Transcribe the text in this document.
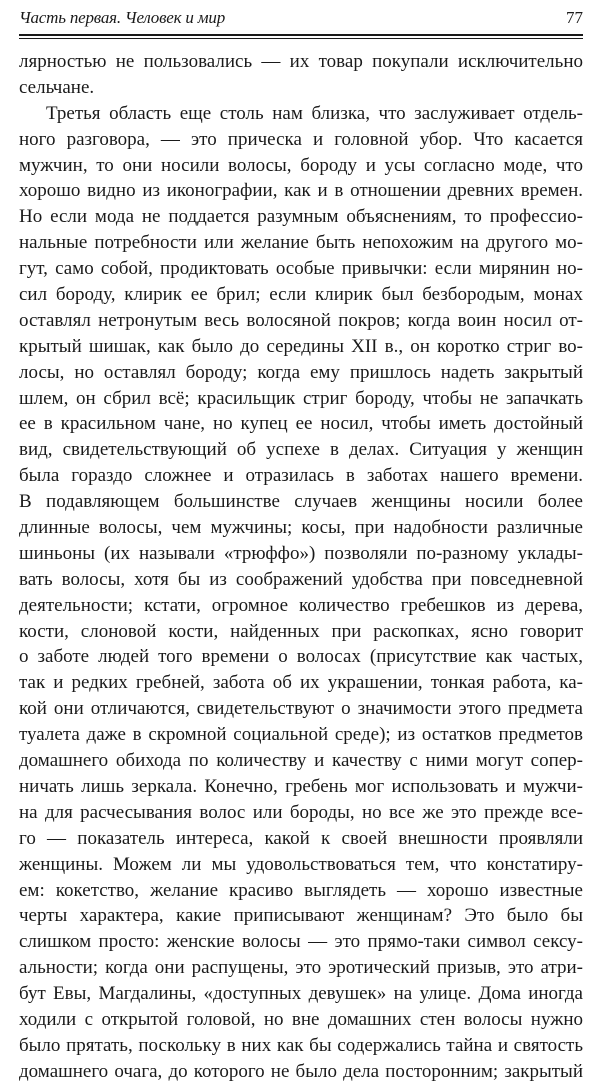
Часть первая. Человек и мир	77

лярностью не пользовались — их товар покупали исключительно
сельчане.

Третья область еще столь нам близка, что заслуживает отдель-
ного разговора, — это прическа и головной убор. Что касается
мужчин, то они носили волосы, бороду и усы согласно моде, что
хорошо видно из иконографии, как и в отношении древних времен.
Но если мода не поддается разумным объяснениям, то профессио-
нальные потребности или желание быть непохожим на другого мо-
гут, само собой, продиктовать особые привычки: если мирянин но-
сил бороду, клирик ее брил; если клирик был безбородым, монах
оставлял нетронутым весь волосяной покров; когда воин носил от-
крытый шишак, как было до середины XII в., он коротко стриг во-
лосы, но оставлял бороду; когда ему пришлось надеть закрытый
шлем, он сбрил всё; красильщик стриг бороду, чтобы не запачкать
ее в красильном чане, но купец ее носил, чтобы иметь достойный
вид, свидетельствующий об успехе в делах. Ситуация у женщин
была гораздо сложнее и отразилась в заботах нашего времени.
В подавляющем большинстве случаев женщины носили более
длинные волосы, чем мужчины; косы, при надобности различные
шиньоны (их называли «трюффо») позволяли по-разному уклады-
вать волосы, хотя бы из соображений удобства при повседневной
деятельности; кстати, огромное количество гребешков из дерева,
кости, слоновой кости, найденных при раскопках, ясно говорит
о заботе людей того времени о волосах (присутствие как частых,
так и редких гребней, забота об их украшении, тонкая работа, ка-
кой они отличаются, свидетельствуют о значимости этого предмета
туалета даже в скромной социальной среде); из остатков предметов
домашнего обихода по количеству и качеству с ними могут сопер-
ничать лишь зеркала. Конечно, гребень мог использовать и мужчи-
на для расчесывания волос или бороды, но все же это прежде все-
го — показатель интереса, какой к своей внешности проявляли
женщины. Можем ли мы удовольствоваться тем, что констатиру-
ем: кокетство, желание красиво выглядеть — хорошо известные
черты характера, какие приписывают женщинам? Это было бы
слишком просто: женские волосы — это прямо-таки символ сексу-
альности; когда они распущены, это эротический призыв, это атри-
бут Евы, Магдалины, «доступных девушек» на улице. Дома иногда
ходили с открытой головой, но вне домашних стен волосы нужно
было прятать, поскольку в них как бы содержались тайна и святость
домашнего очага, до которого не было дела посторонним; закрытый
